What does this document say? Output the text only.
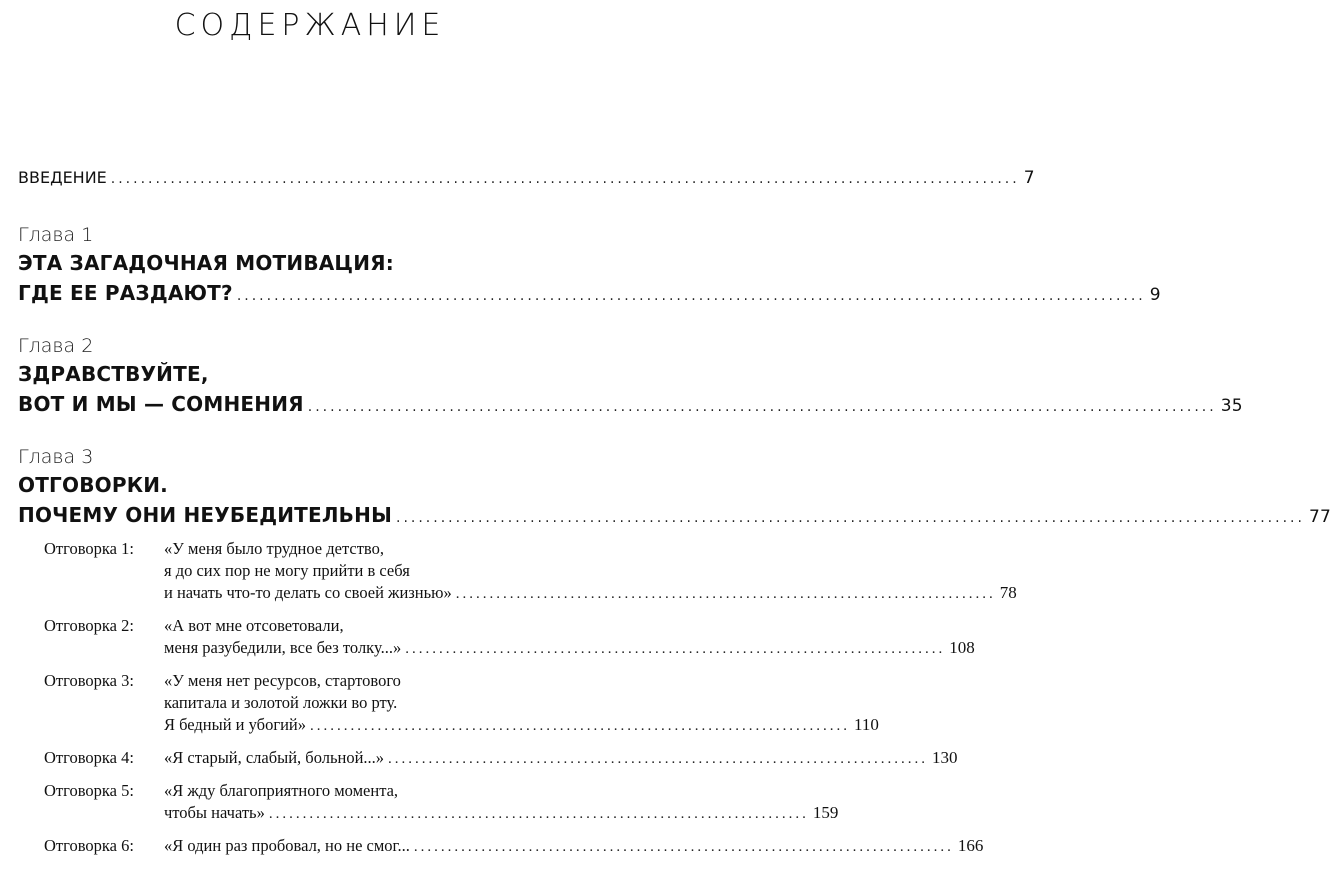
СОДЕРЖАНИЕ
ВВЕДЕНИЕ .......................................................................................................................... 7
Глава 1
ЭТА ЗАГАДОЧНАЯ МОТИВАЦИЯ:
ГДЕ ЕЕ РАЗДАЮТ? .......................................................................................................................... 9
Глава 2
ЗДРАВСТВУЙТЕ,
ВОТ И МЫ — СОМНЕНИЯ .......................................................................................................................... 35
Глава 3
ОТГОВОРКИ.
ПОЧЕМУ ОНИ НЕУБЕДИТЕЛЬНЫ .......................................................................................................................... 77
Отговорка 1:	«У меня было трудное детство,
я до сих пор не могу прийти в себя
и начать что-то делать со своей жизнью» ................................................................................ 78
Отговорка 2:	«А вот мне отсоветовали,
меня разубедили, все без толку...» ................................................................................ 108
Отговорка 3:	«У меня нет ресурсов, стартового
капитала и золотой ложки во рту.
Я бедный и убогий» ................................................................................ 110
Отговорка 4:	«Я старый, слабый, больной...» ................................................................................ 130
Отговорка 5:	«Я жду благоприятного момента,
чтобы начать» ................................................................................ 159
Отговорка 6:	«Я один раз пробовал, но не смог... ................................................................................ 166
